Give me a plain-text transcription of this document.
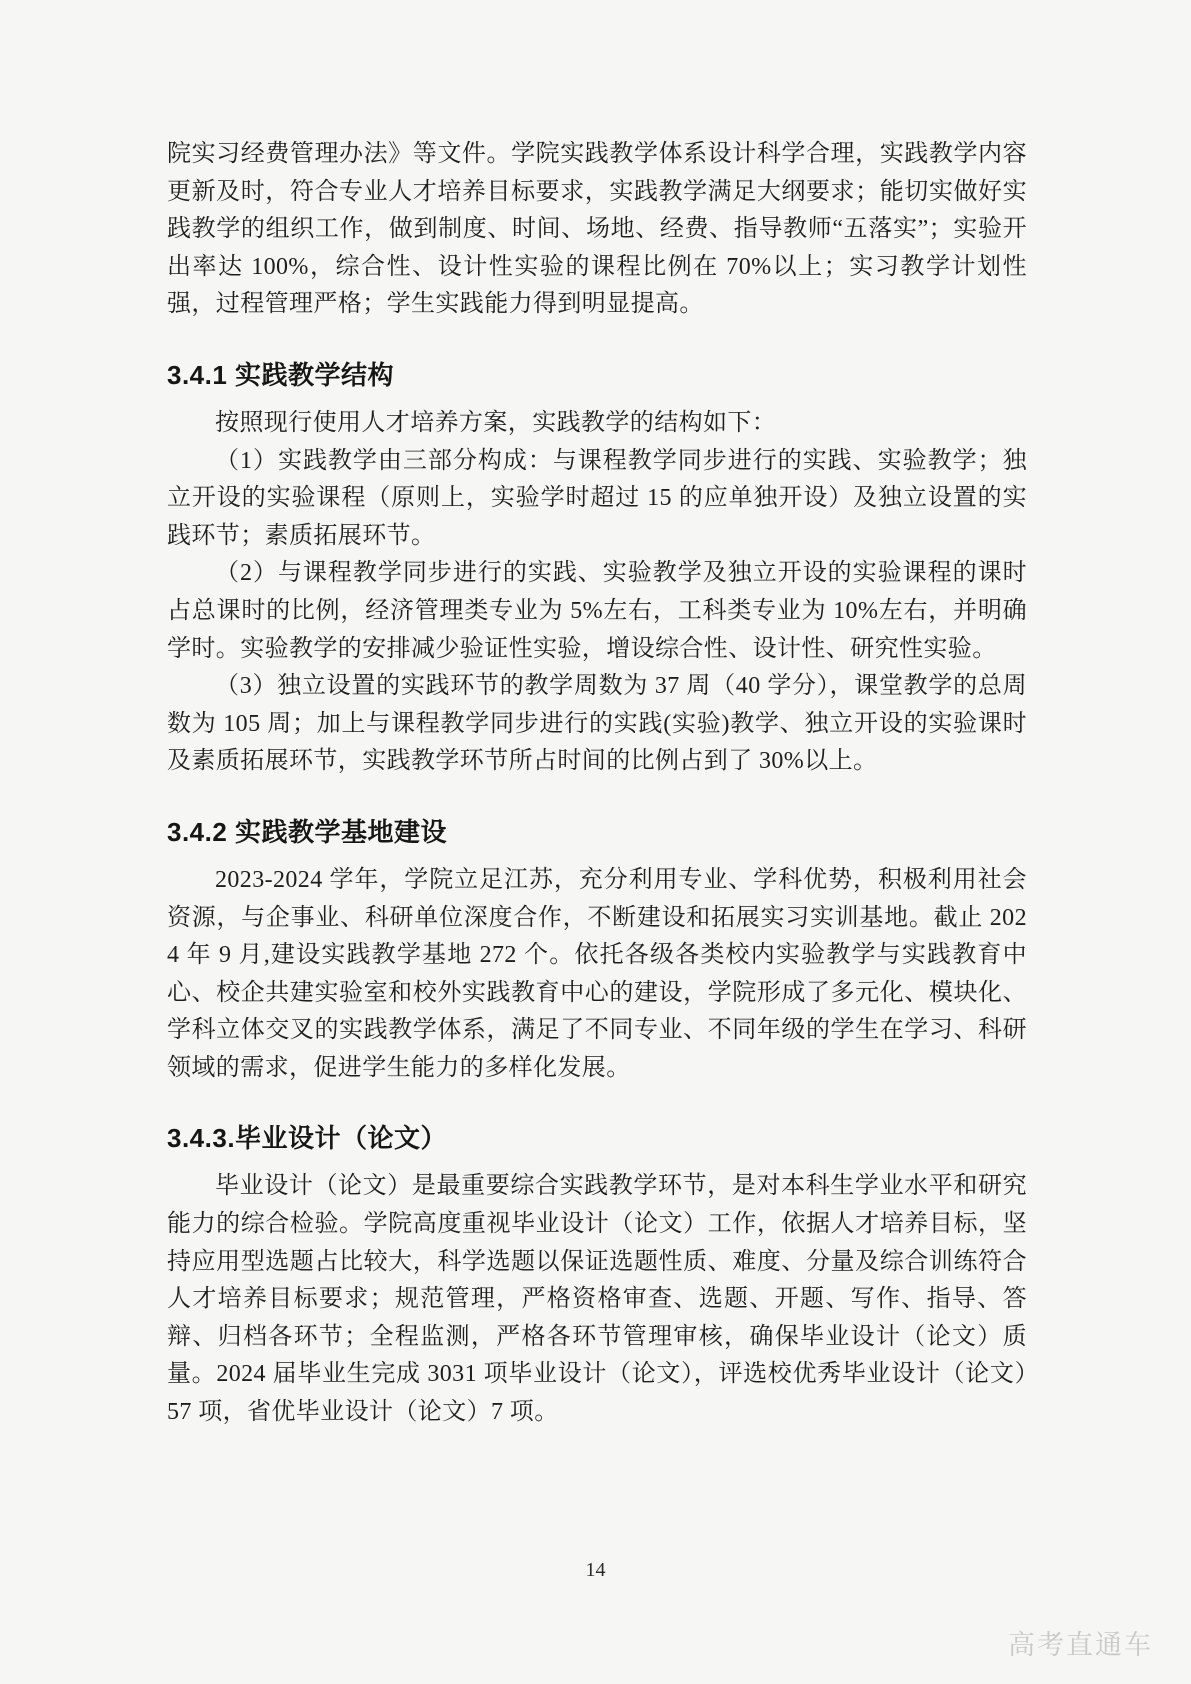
院实习经费管理办法》等文件。学院实践教学体系设计科学合理，实践教学内容更新及时，符合专业人才培养目标要求，实践教学满足大纲要求；能切实做好实践教学的组织工作，做到制度、时间、场地、经费、指导教师“五落实”；实验开出率达 100%，综合性、设计性实验的课程比例在 70%以上；实习教学计划性强，过程管理严格；学生实践能力得到明显提高。

3.4.1 实践教学结构

按照现行使用人才培养方案，实践教学的结构如下：

（1）实践教学由三部分构成：与课程教学同步进行的实践、实验教学；独立开设的实验课程（原则上，实验学时超过 15 的应单独开设）及独立设置的实践环节；素质拓展环节。

（2）与课程教学同步进行的实践、实验教学及独立开设的实验课程的课时占总课时的比例，经济管理类专业为 5%左右，工科类专业为 10%左右，并明确学时。实验教学的安排减少验证性实验，增设综合性、设计性、研究性实验。

（3）独立设置的实践环节的教学周数为 37 周（40 学分），课堂教学的总周数为 105 周；加上与课程教学同步进行的实践(实验)教学、独立开设的实验课时及素质拓展环节，实践教学环节所占时间的比例占到了 30%以上。

3.4.2 实践教学基地建设

2023-2024 学年，学院立足江苏，充分利用专业、学科优势，积极利用社会资源，与企事业、科研单位深度合作，不断建设和拓展实习实训基地。截止 2024 年 9 月,建设实践教学基地 272 个。依托各级各类校内实验教学与实践教育中心、校企共建实验室和校外实践教育中心的建设，学院形成了多元化、模块化、学科立体交叉的实践教学体系，满足了不同专业、不同年级的学生在学习、科研领域的需求，促进学生能力的多样化发展。

3.4.3.毕业设计（论文）

毕业设计（论文）是最重要综合实践教学环节，是对本科生学业水平和研究能力的综合检验。学院高度重视毕业设计（论文）工作，依据人才培养目标，坚持应用型选题占比较大，科学选题以保证选题性质、难度、分量及综合训练符合人才培养目标要求；规范管理，严格资格审查、选题、开题、写作、指导、答辩、归档各环节；全程监测，严格各环节管理审核，确保毕业设计（论文）质量。2024 届毕业生完成 3031 项毕业设计（论文），评选校优秀毕业设计（论文）57 项，省优毕业设计（论文）7 项。

14
高考直通车
